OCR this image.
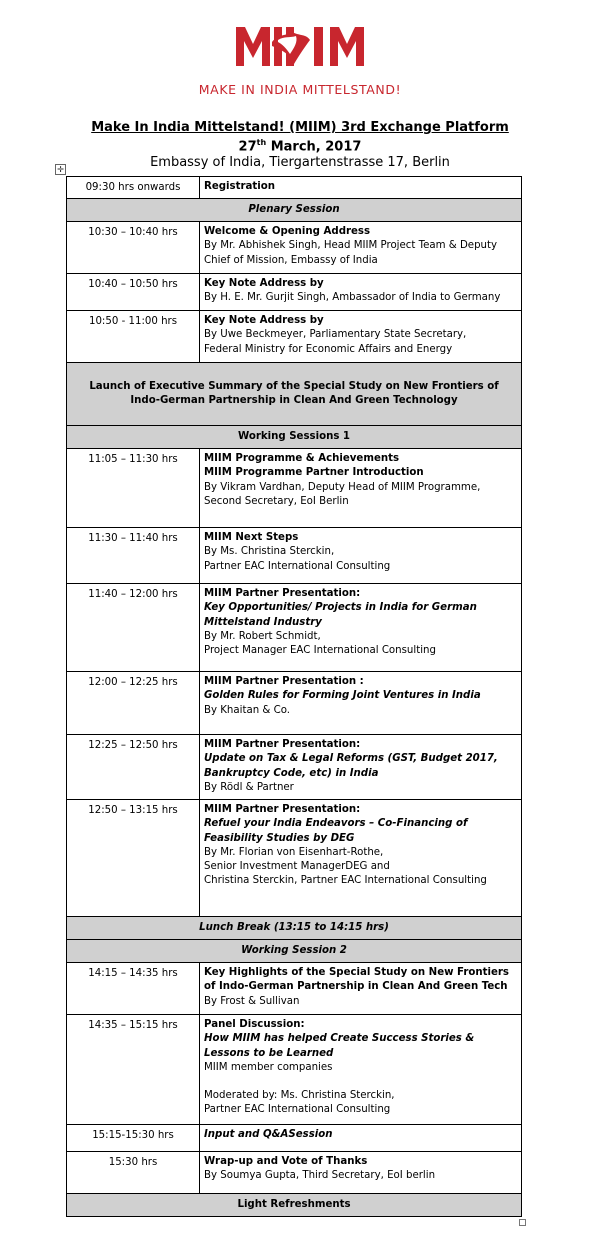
MAKE IN INDIA MITTELSTAND!
Make In India Mittelstand! (MIIM) 3rd Exchange Platform
27th March, 2017
Embassy of India, Tiergartenstrasse 17, Berlin
✛
09:30 hrs onwards	Registration
Plenary Session	
10:30 – 10:40 hrs	Welcome & Opening Address
By Mr. Abhishek Singh, Head MIIM Project Team & Deputy
Chief of Mission, Embassy of India

10:40 – 10:50 hrs	Key Note Address by
By H. E. Mr. Gurjit Singh, Ambassador of India to Germany

10:50 - 11:00 hrs	Key Note Address by
By Uwe Beckmeyer, Parliamentary State Secretary,
Federal Ministry for Economic Affairs and Energy

Launch of Executive Summary of the Special Study on New Frontiers of Indo-German Partnership in Clean And Green Technology	
Working Sessions 1	
11:05 – 11:30 hrs	MIIM Programme & Achievements
MIIM Programme Partner Introduction
By Vikram Vardhan, Deputy Head of MIIM Programme,
Second Secretary, EoI Berlin

11:30 – 11:40 hrs	MIIM Next Steps
By Ms. Christina Sterckin,
Partner EAC International Consulting

11:40 – 12:00 hrs	MIIM Partner Presentation:
Key Opportunities/ Projects in India for German Mittelstand Industry
By Mr. Robert Schmidt,
Project Manager EAC International Consulting

12:00 – 12:25 hrs	MIIM Partner Presentation :
Golden Rules for Forming Joint Ventures in India
By Khaitan & Co.

12:25 – 12:50 hrs	MIIM Partner Presentation:
Update on Tax & Legal Reforms (GST, Budget 2017, Bankruptcy Code, etc) in India
By Rödl & Partner

12:50 – 13:15 hrs	MIIM Partner Presentation:
Refuel your India Endeavors – Co-Financing of Feasibility Studies by DEG
By Mr. Florian von Eisenhart-Rothe,
Senior Investment ManagerDEG and
Christina Sterckin, Partner EAC International Consulting

Lunch Break (13:15 to 14:15 hrs)	
Working Session 2	
14:15 – 14:35 hrs	Key Highlights of the Special Study on New Frontiers of Indo-German Partnership in Clean And Green Tech
By Frost & Sullivan

14:35 – 15:15 hrs	Panel Discussion:
How MIIM has helped Create Success Stories & Lessons to be Learned
MIIM member companies
Moderated by: Ms. Christina Sterckin,
Partner EAC International Consulting

15:15-15:30 hrs	Input and Q&ASession
15:30 hrs	Wrap-up and Vote of Thanks
By Soumya Gupta, Third Secretary, EoI berlin

Light Refreshments	
